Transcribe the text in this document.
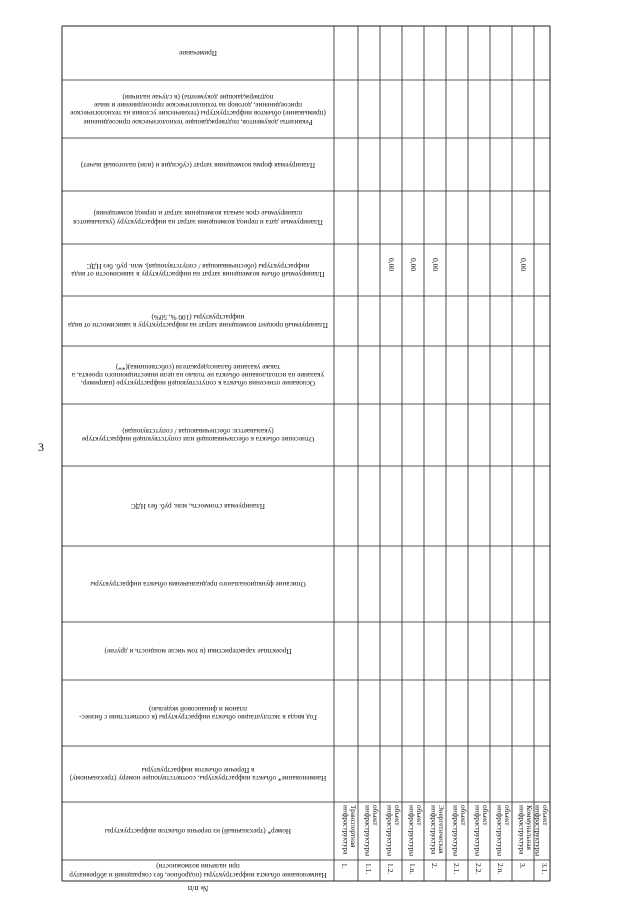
3
Примечание
Реквизиты документов, подтверждающие технологическое присоединение (примыкание) объектов инфраструктуры (технические условия на технологическое присоединение, договор на технологическое присоединение и иные подтверждающие документы) (в случае наличия)
Планируемая форма возмещения затрат (субсидия и (или) налоговый вычет)
Планируемые дата и период возмещения затрат на инфраструктуру (указываются планируемые срок начала возмещения затрат и период возмещения)
Планируемый объем возмещения затрат на инфраструктуру в зависимости от вида инфраструктуры (обеспечивающая / сопутствующая), млн. руб. без НДС
Планируемый процент возмещения затрат на инфраструктуру в зависимости от вида инфраструктуры (100 %, 50%)
Основание отнесения объекта к сопутствующей инфраструктуре (например, указание на использование объекта не только на цели инвестиционного проекта, а также указание балансодержателя (собственника)(**)
Отнесение объекта к обеспечивающей или сопутствующей инфраструктуре (указывается: обеспечивающая / сопутствующая)
Планируемая стоимость, млн. руб. без НДС
Описание функционального предназначения объекта инфраструктуры
Проектные характеристики (в том числе мощность и другие)
Год ввода в эксплуатацию объекта инфраструктуры (в соответствии с бизнес-планом и финансовой моделью)
Наименование* объекта инфраструктуры, соответствующее номеру (трехзначному) в Перечне объектов инфраструктуры
Номер* (трехзначный) из перечня объектов инфраструктуры
Наименование объекта инфраструктуры (подробное, без сокращений и аббревиатур при наличии возможности)
№ п/п
1.
Транспортная
инфраструктура
1.1.
объект
инфраструктуры
1.2.
объект
инфраструктуры
0,00
1.n.
объект
инфраструктуры
0,00
2.
Энергетическая
инфраструктура
0,00
2.1.
объект
инфраструктуры
2.2.
объект
инфраструктуры
2.n.
объект
инфраструктуры
3.
Коммунальная
инфраструктура
0,00
3.1.
объект
инфраструктуры
